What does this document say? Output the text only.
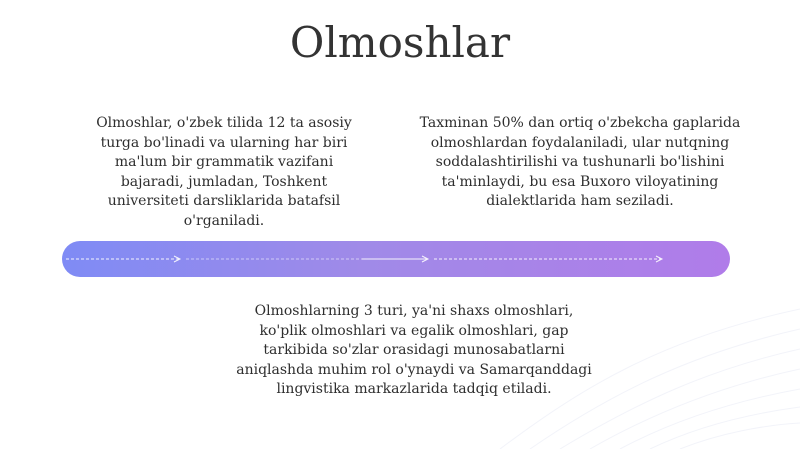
Olmoshlar
Olmoshlar, o'zbek tilida 12 ta asosiy turga bo'linadi va ularning har biri ma'lum bir grammatik vazifani bajaradi, jumladan, Toshkent universiteti darsliklarida batafsil o'rganiladi.
Taxminan 50% dan ortiq o'zbekcha gaplarida olmoshlardan foydalaniladi, ular nutqning soddalashtirilishi va tushunarli bo'lishini ta'minlaydi, bu esa Buxoro viloyatining dialektlarida ham seziladi.
Olmoshlarning 3 turi, ya'ni shaxs olmoshlari, ko'plik olmoshlari va egalik olmoshlari, gap tarkibida so'zlar orasidagi munosabatlarni aniqlashda muhim rol o'ynaydi va Samarqanddagi lingvistika markazlarida tadqiq etiladi.
